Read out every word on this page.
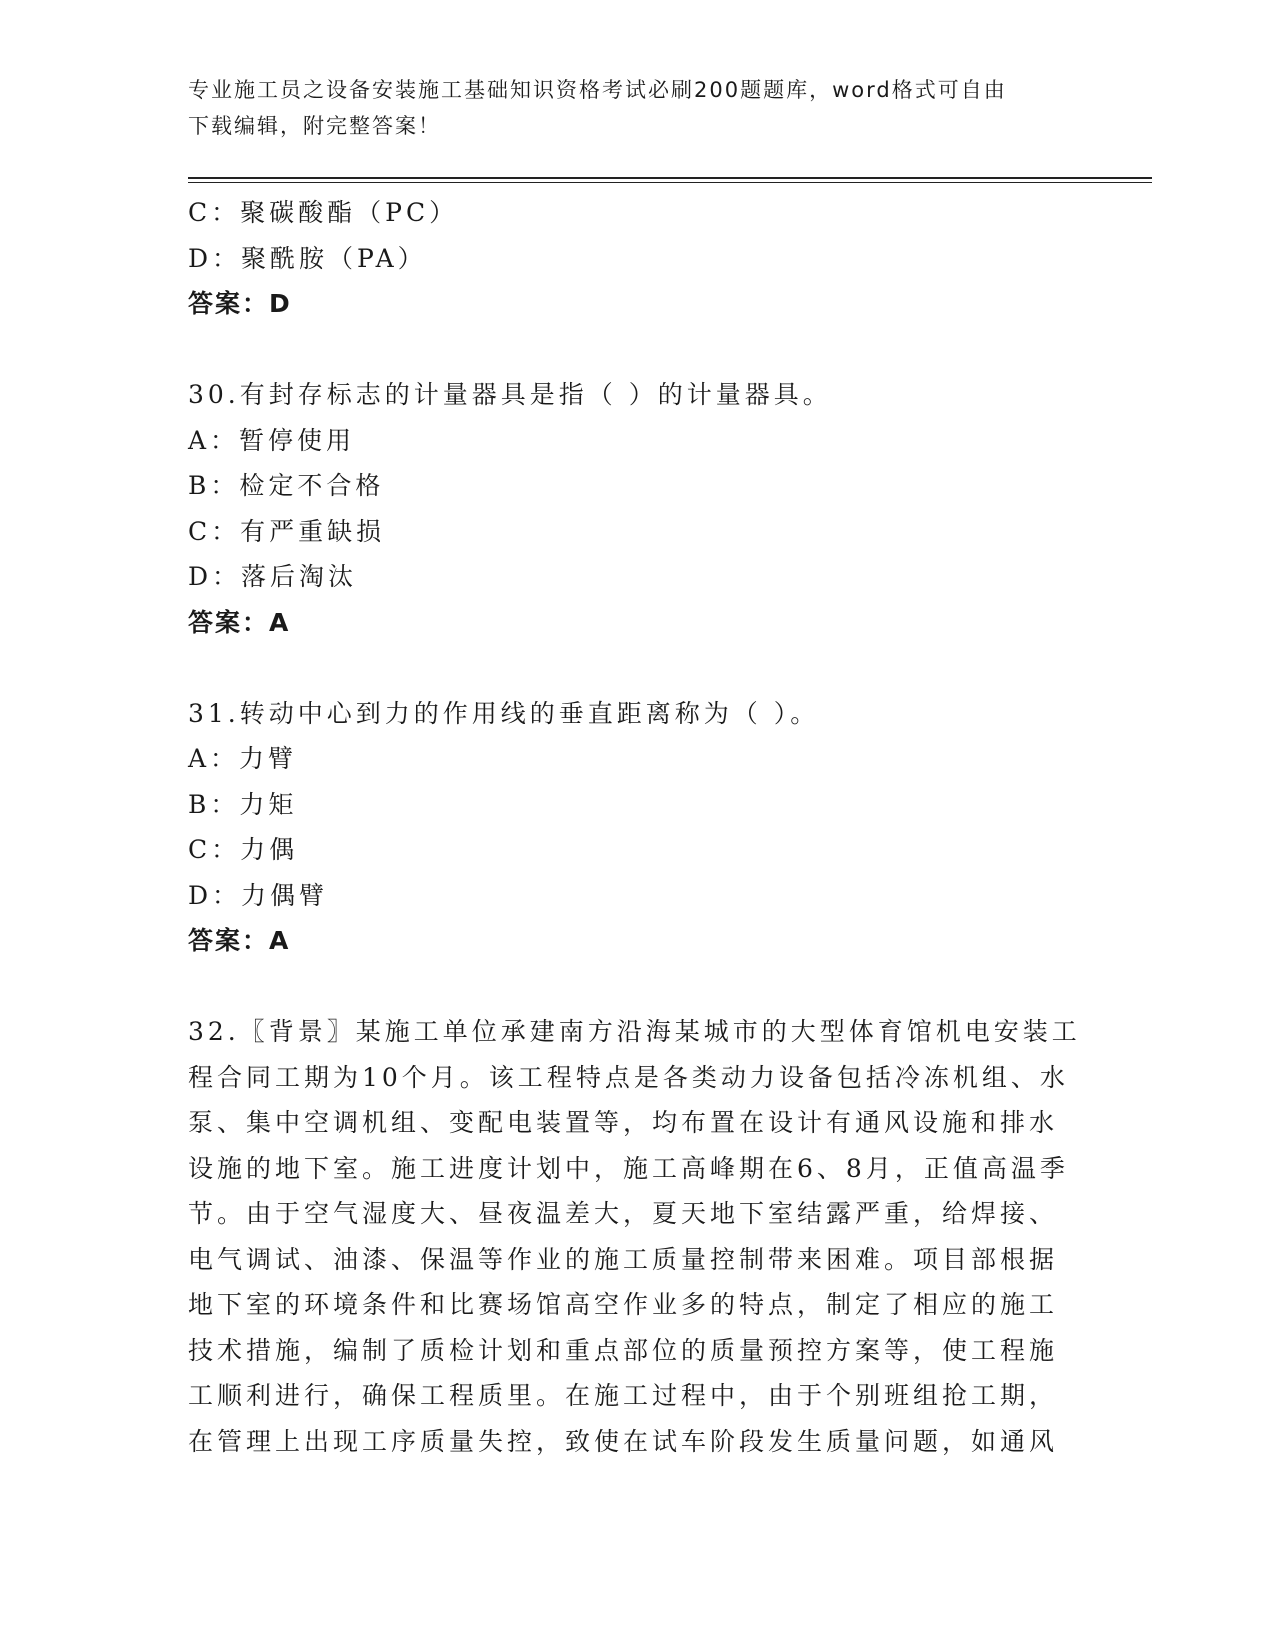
专业施工员之设备安装施工基础知识资格考试必刷200题题库，word格式可自由
下载编辑，附完整答案！
C：聚碳酸酯（PC）
D：聚酰胺（PA）
答案：D
30.有封存标志的计量器具是指（ ）的计量器具。
A：暂停使用
B：检定不合格
C：有严重缺损
D：落后淘汰
答案：A
31.转动中心到力的作用线的垂直距离称为（ ）。
A：力臂
B：力矩
C：力偶
D：力偶臂
答案：A
32.〖背景〗某施工单位承建南方沿海某城市的大型体育馆机电安装工
程合同工期为10个月。该工程特点是各类动力设备包括冷冻机组、水
泵、集中空调机组、变配电装置等，均布置在设计有通风设施和排水
设施的地下室。施工进度计划中，施工高峰期在6、8月，正值高温季
节。由于空气湿度大、昼夜温差大，夏天地下室结露严重，给焊接、
电气调试、油漆、保温等作业的施工质量控制带来困难。项目部根据
地下室的环境条件和比赛场馆高空作业多的特点，制定了相应的施工
技术措施，编制了质检计划和重点部位的质量预控方案等，使工程施
工顺利进行，确保工程质里。在施工过程中，由于个别班组抢工期，
在管理上出现工序质量失控，致使在试车阶段发生质量问题，如通风
